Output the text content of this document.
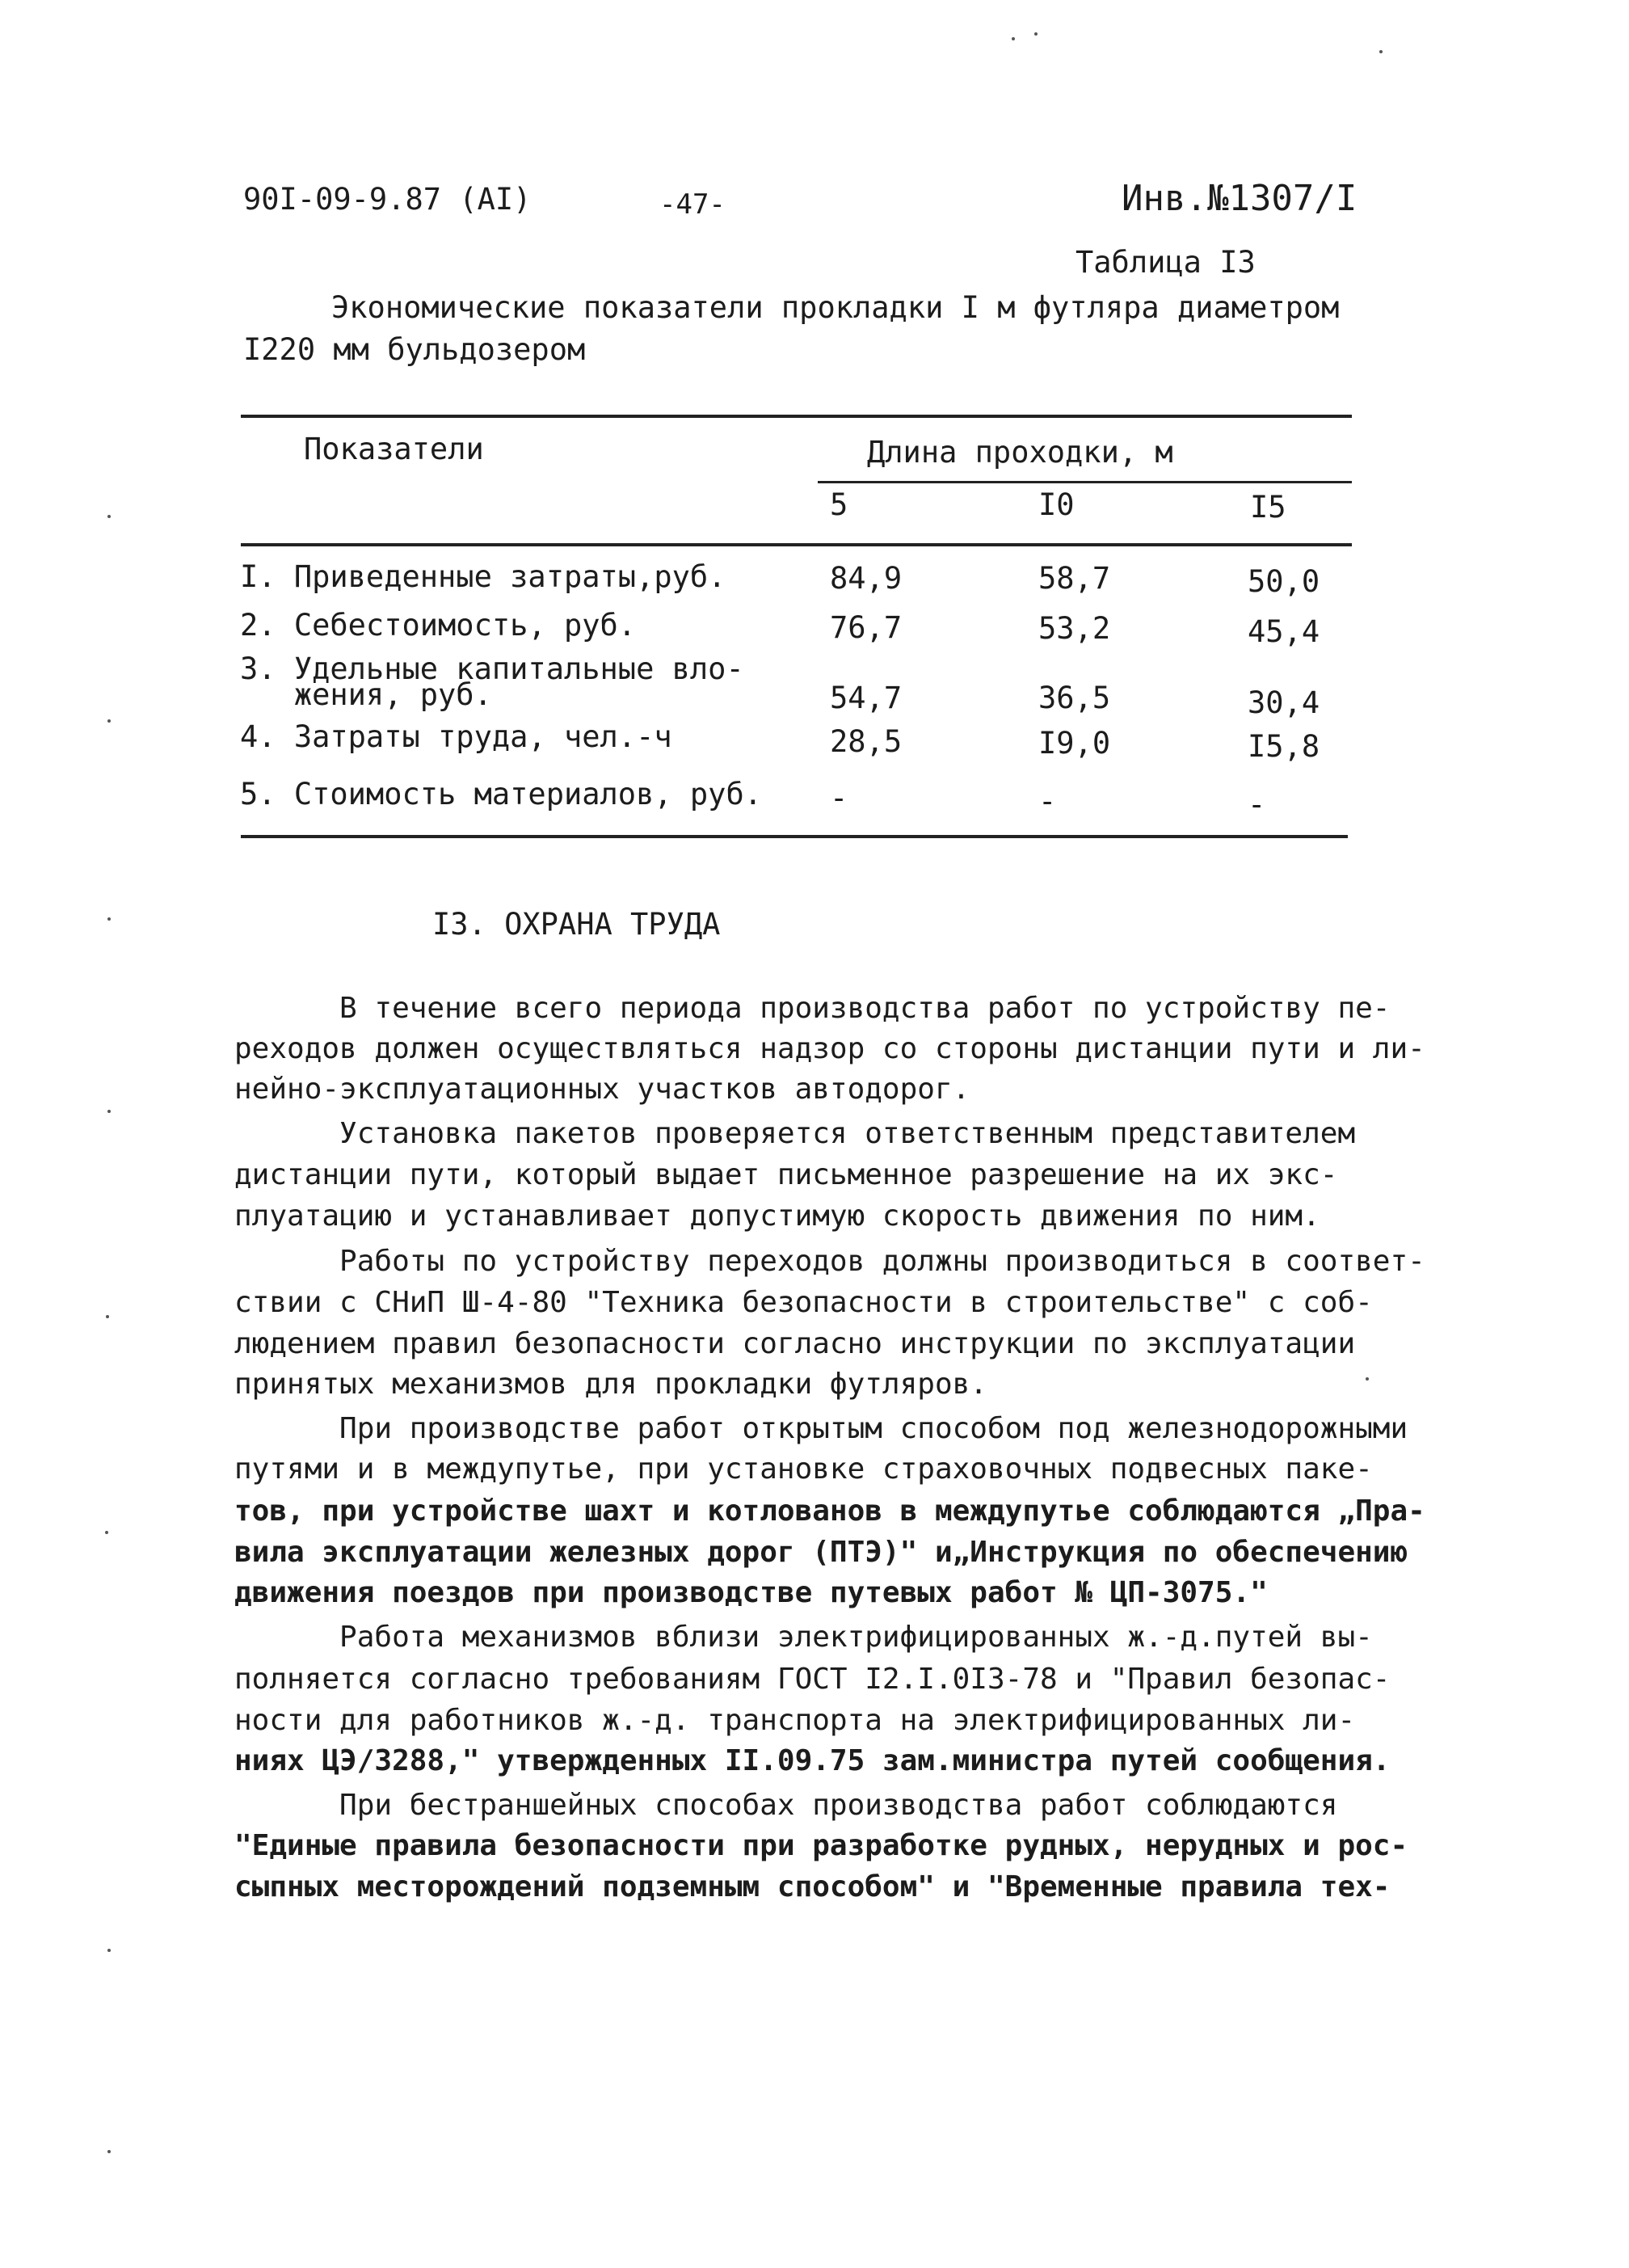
90I-09-9.87 (AI)	-47-	Инв.№1307/I
Таблица I3
Экономические показатели прокладки I м футляра диаметром
I220 мм бульдозером
Показатели	Длина проходки, м
5	I0	I5
I. Приведенные затраты,руб.	84,9	58,7	50,0
2. Себестоимость, руб.	76,7	53,2	45,4
3. Удельные капитальные вло-
жения, руб.	54,7	36,5	30,4
4. Затраты труда, чел.-ч	28,5	I9,0	I5,8
5. Стоимость материалов, руб. -	-	-
I3. ОХРАНА ТРУДА
В течение всего периода производства работ по устройству пе-
реходов должен осуществляться надзор со стороны дистанции пути и ли-
нейно-эксплуатационных участков автодорог.
Установка пакетов проверяется ответственным представителем
дистанции пути, который выдает письменное разрешение на их экс-
плуатацию и устанавливает допустимую скорость движения по ним.
Работы по устройству переходов должны производиться в соответ-
ствии с СНиП Ш-4-80 "Техника безопасности в строительстве" с соб-
людением правил безопасности согласно инструкции по эксплуатации
принятых механизмов для прокладки футляров.
При производстве работ открытым способом под железнодорожными
путями и в междупутье, при установке страховочных подвесных паке-
тов, при устройстве шахт и котлованов в междупутье соблюдаются „Пра-
вила эксплуатации железных дорог (ПТЭ)" и„Инструкция по обеспечению
движения поездов при производстве путевых работ № ЦП-3075."
Работа механизмов вблизи электрифицированных ж.-д.путей вы-
полняется согласно требованиям ГОСТ I2.I.0I3-78 и "Правил безопас-
ности для работников ж.-д. транспорта на электрифицированных ли-
ниях ЦЭ/3288," утвержденных II.09.75 зам.министра путей сообщения.
При бестраншейных способах производства работ соблюдаются
"Единые правила безопасности при разработке рудных, нерудных и рос-
сыпных месторождений подземным способом" и "Временные правила тех-
